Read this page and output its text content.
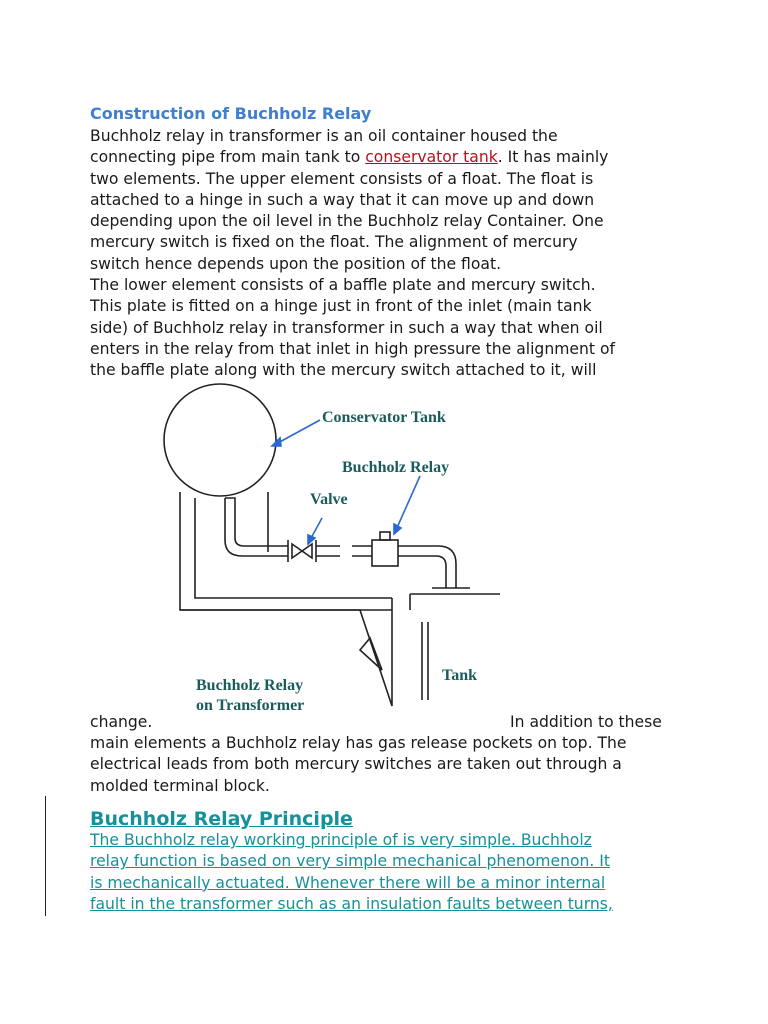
Construction of Buchholz Relay

Buchholz relay in transformer is an oil container housed the

connecting pipe from main tank to conservator tank. It has mainly

two elements. The upper element consists of a float. The float is

attached to a hinge in such a way that it can move up and down

depending upon the oil level in the Buchholz relay Container. One

mercury switch is fixed on the float. The alignment of mercury

switch hence depends upon the position of the float.

The lower element consists of a baffle plate and mercury switch.

This plate is fitted on a hinge just in front of the inlet (main tank

side) of Buchholz relay in transformer in such a way that when oil

enters in the relay from that inlet in high pressure the alignment of

the baffle plate along with the mercury switch attached to it, will

Conservator Tank
Buchholz Relay
Valve
Tank
Buchholz Relay
on Transformer
change.	In addition to these

main elements a Buchholz relay has gas release pockets on top. The

electrical leads from both mercury switches are taken out through a

molded terminal block.

Buchholz Relay Principle

The Buchholz relay working principle of is very simple. Buchholz

relay function is based on very simple mechanical phenomenon. It

is mechanically actuated. Whenever there will be a minor internal

fault in the transformer such as an insulation faults between turns,
